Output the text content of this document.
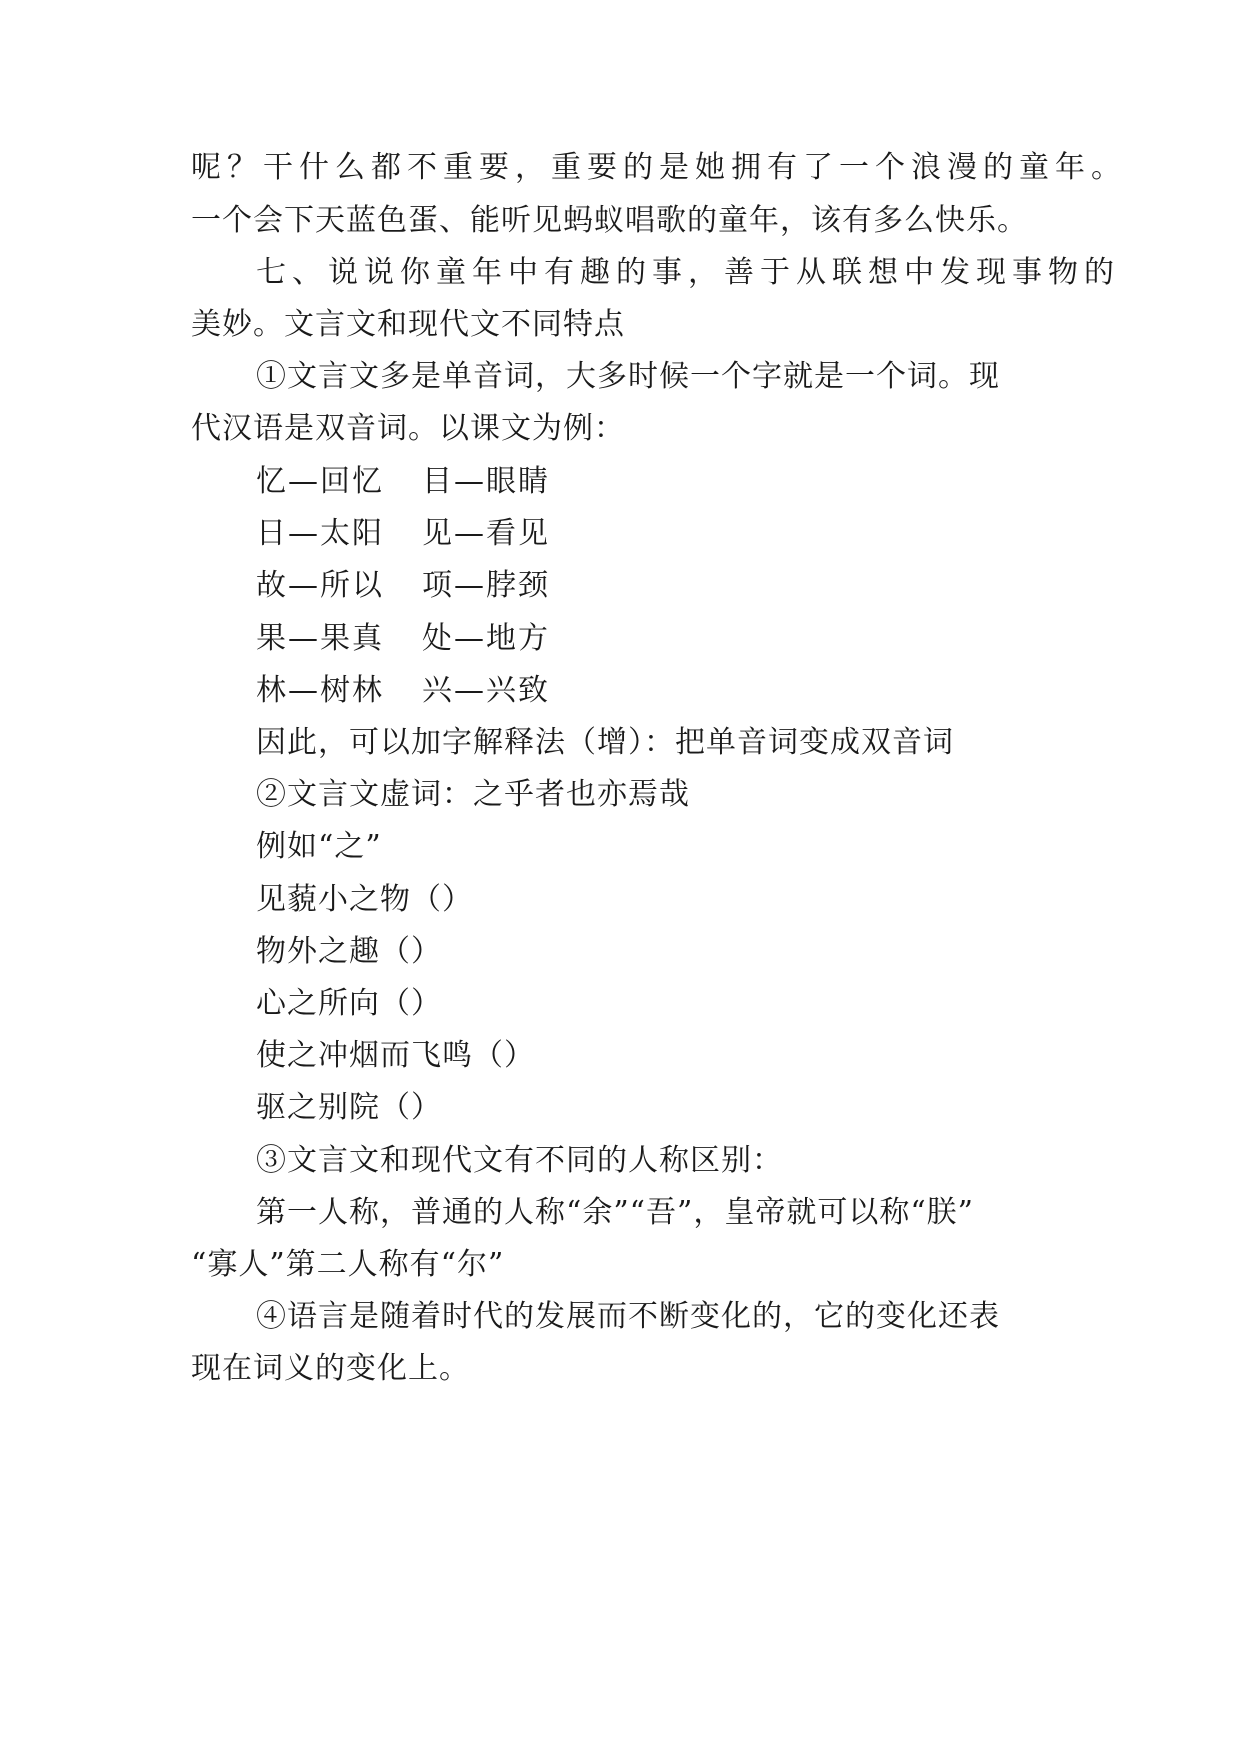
呢？干什么都不重要，重要的是她拥有了一个浪漫的童年。
一个会下天蓝色蛋、能听见蚂蚁唱歌的童年，该有多么快乐。
七、说说你童年中有趣的事，善于从联想中发现事物的
美妙。文言文和现代文不同特点
①文言文多是单音词，大多时候一个字就是一个词。现
代汉语是双音词。以课文为例：
忆—回忆 目—眼睛
日—太阳 见—看见
故—所以 项—脖颈
果—果真 处—地方
林—树林 兴—兴致
因此，可以加字解释法（增）：把单音词变成双音词
②文言文虚词：之乎者也亦焉哉
例如“之”
见藐小之物（）
物外之趣（）
心之所向（）
使之冲烟而飞鸣（）
驱之别院（）
③文言文和现代文有不同的人称区别：
第一人称，普通的人称“余”“吾”，皇帝就可以称“朕”
“寡人”第二人称有“尔”
④语言是随着时代的发展而不断变化的，它的变化还表
现在词义的变化上。
